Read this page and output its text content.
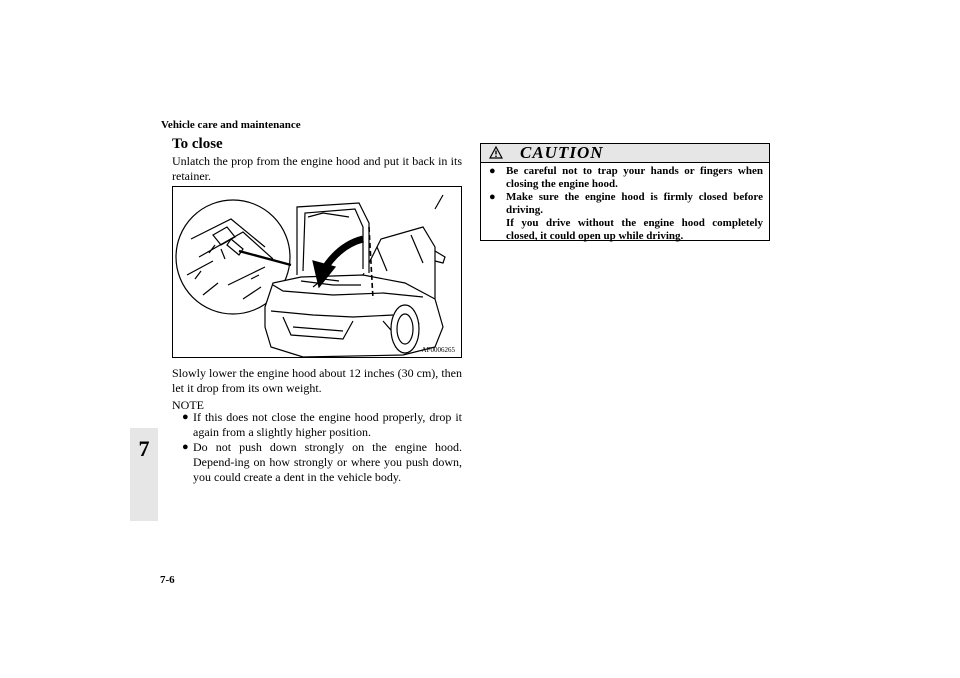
Vehicle care and maintenance
7
To close
Unlatch the prop from the engine hood and put it back in its retainer.
AF0006265
Slowly lower the engine hood about 12 inches (30 cm), then let it drop from its own weight.
NOTE
● If this does not close the engine hood properly, drop it again from a slightly higher position.
● Do not push down strongly on the engine hood. Depend-ing on how strongly or where you push down, you could create a dent in the vehicle body.
CAUTION
● Be careful not to trap your hands or fingers when closing the engine hood.
● Make sure the engine hood is firmly closed before driving.
If you drive without the engine hood completely closed, it could open up while driving.
7-6
